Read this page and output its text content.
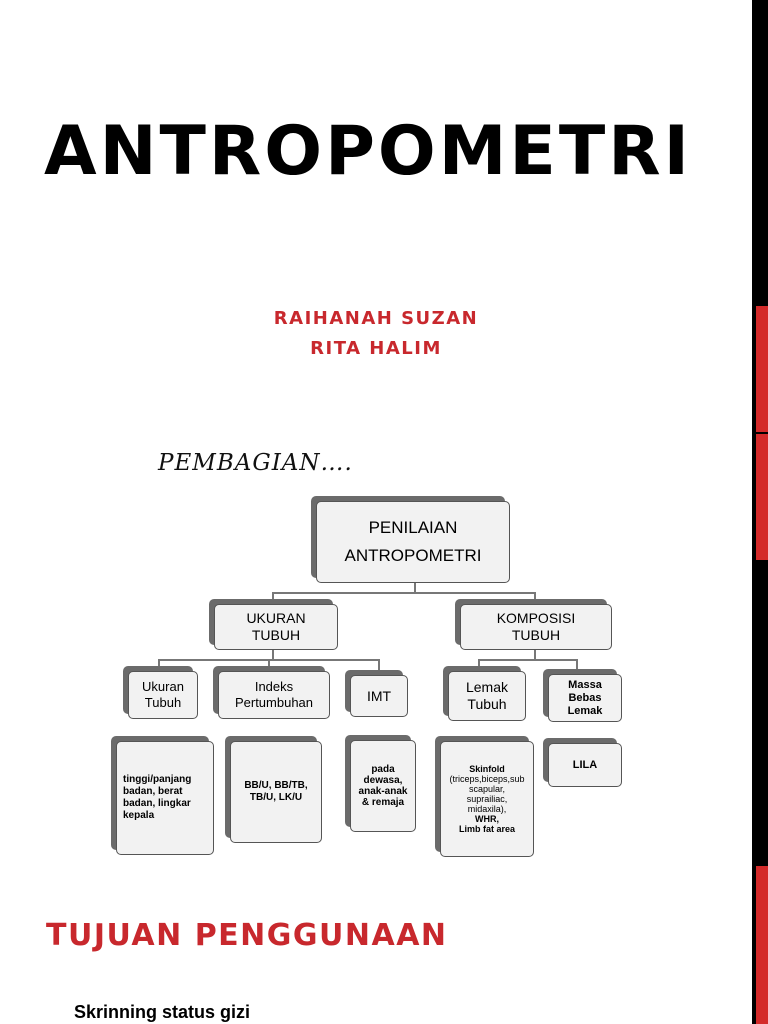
ANTROPOMETRI
RAIHANAH SUZAN
RITA HALIM
PEMBAGIAN….
PENILAIAN
ANTROPOMETRI
UKURAN
TUBUH
KOMPOSISI
TUBUH
Ukuran
Tubuh
Indeks
Pertumbuhan	IMT
Lemak
Tubuh
Massa
Bebas
Lemak
tinggi/panjang
badan, berat
badan, lingkar
kepala
BB/U, BB/TB,
TB/U, LK/U
pada
dewasa,
anak-anak
& remaja
Skinfold
(triceps,biceps,sub
scapular,
suprailiac,
midaxila),
WHR,
Limb fat area
LILA
TUJUAN PENGGUNAAN
Skrinning status gizi
